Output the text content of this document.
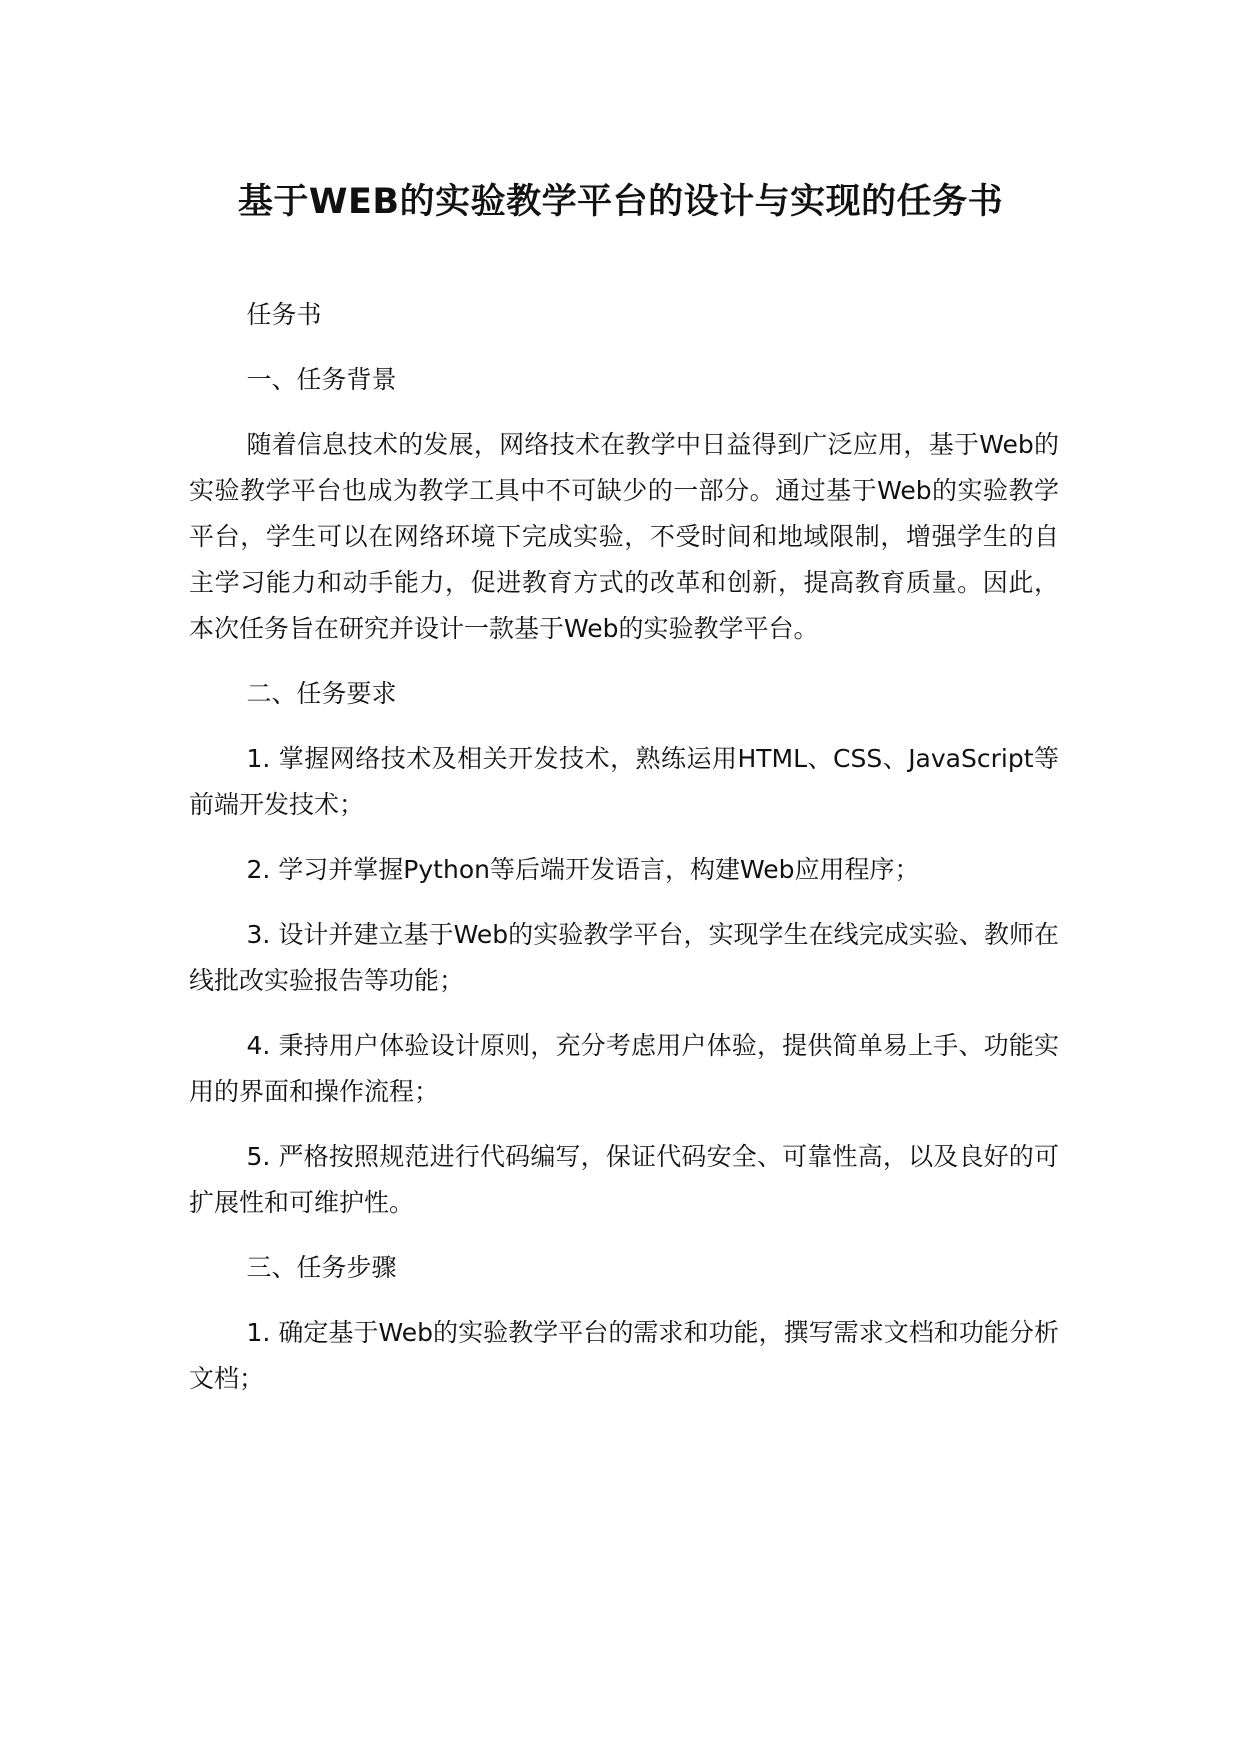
基于WEB的实验教学平台的设计与实现的任务书

任务书

一、任务背景

随着信息技术的发展，网络技术在教学中日益得到广泛应用，基于Web的实验教学平台也成为教学工具中不可缺少的一部分。通过基于Web的实验教学平台，学生可以在网络环境下完成实验，不受时间和地域限制，增强学生的自主学习能力和动手能力，促进教育方式的改革和创新，提高教育质量。因此，本次任务旨在研究并设计一款基于Web的实验教学平台。

二、任务要求

1. 掌握网络技术及相关开发技术，熟练运用HTML、CSS、JavaScript等前端开发技术；

2. 学习并掌握Python等后端开发语言，构建Web应用程序；

3. 设计并建立基于Web的实验教学平台，实现学生在线完成实验、教师在线批改实验报告等功能；

4. 秉持用户体验设计原则，充分考虑用户体验，提供简单易上手、功能实用的界面和操作流程；

5. 严格按照规范进行代码编写，保证代码安全、可靠性高，以及良好的可扩展性和可维护性。

三、任务步骤

1. 确定基于Web的实验教学平台的需求和功能，撰写需求文档和功能分析文档；
